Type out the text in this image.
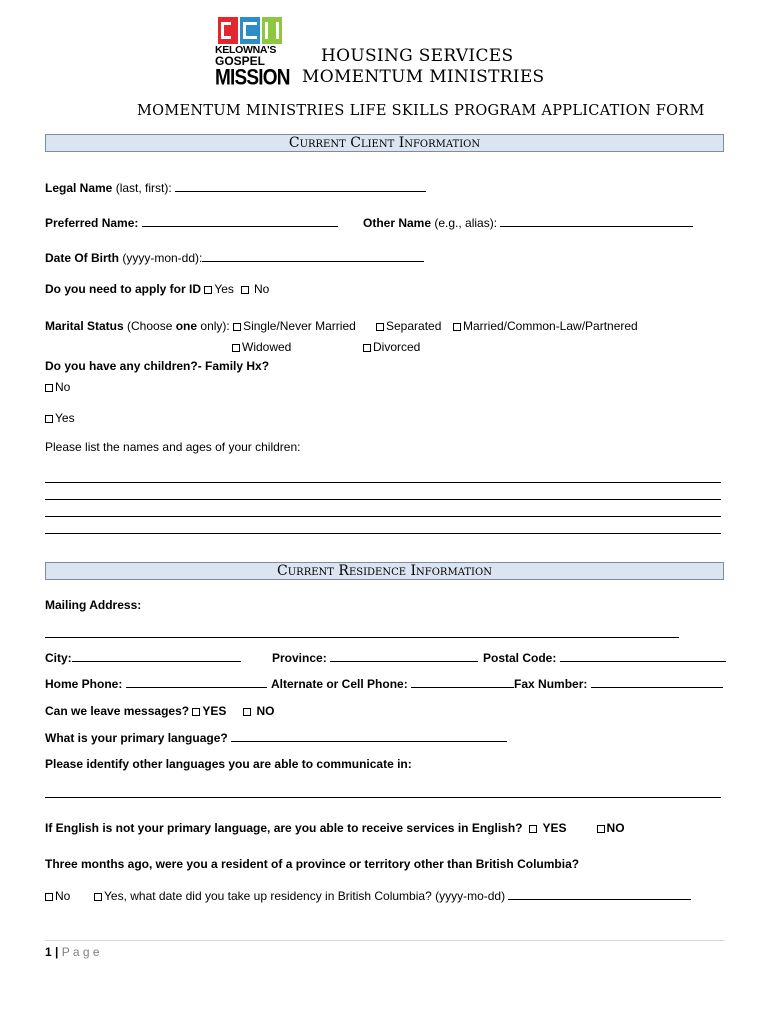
KELOWNA'S
GOSPEL
MISSION
HOUSING SERVICES
MOMENTUM MINISTRIES
MOMENTUM MINISTRIES LIFE SKILLS PROGRAM APPLICATION FORM
Current Client Information
Legal Name (last, first):
Preferred Name:	Other Name (e.g., alias):
Date Of Birth (yyyy-mon-dd):
Do you need to apply for ID Yes No
Marital Status (Choose one only): Single/Never Married	Separated	Married/Common-Law/Partnered
Widowed	Divorced
Do you have any children?- Family Hx?
No
Yes
Please list the names and ages of your children:
Current Residence Information
Mailing Address:
City:	Province:	Postal Code:
Home Phone:	Alternate or Cell Phone:	Fax Number:
Can we leave messages? YES	NO
What is your primary language?
Please identify other languages you are able to communicate in:
If English is not your primary language, are you able to receive services in English?   YES	NO
Three months ago, were you a resident of a province or territory other than British Columbia?
No	Yes, what date did you take up residency in British Columbia? (yyyy-mo-dd)
1 | P a g e
